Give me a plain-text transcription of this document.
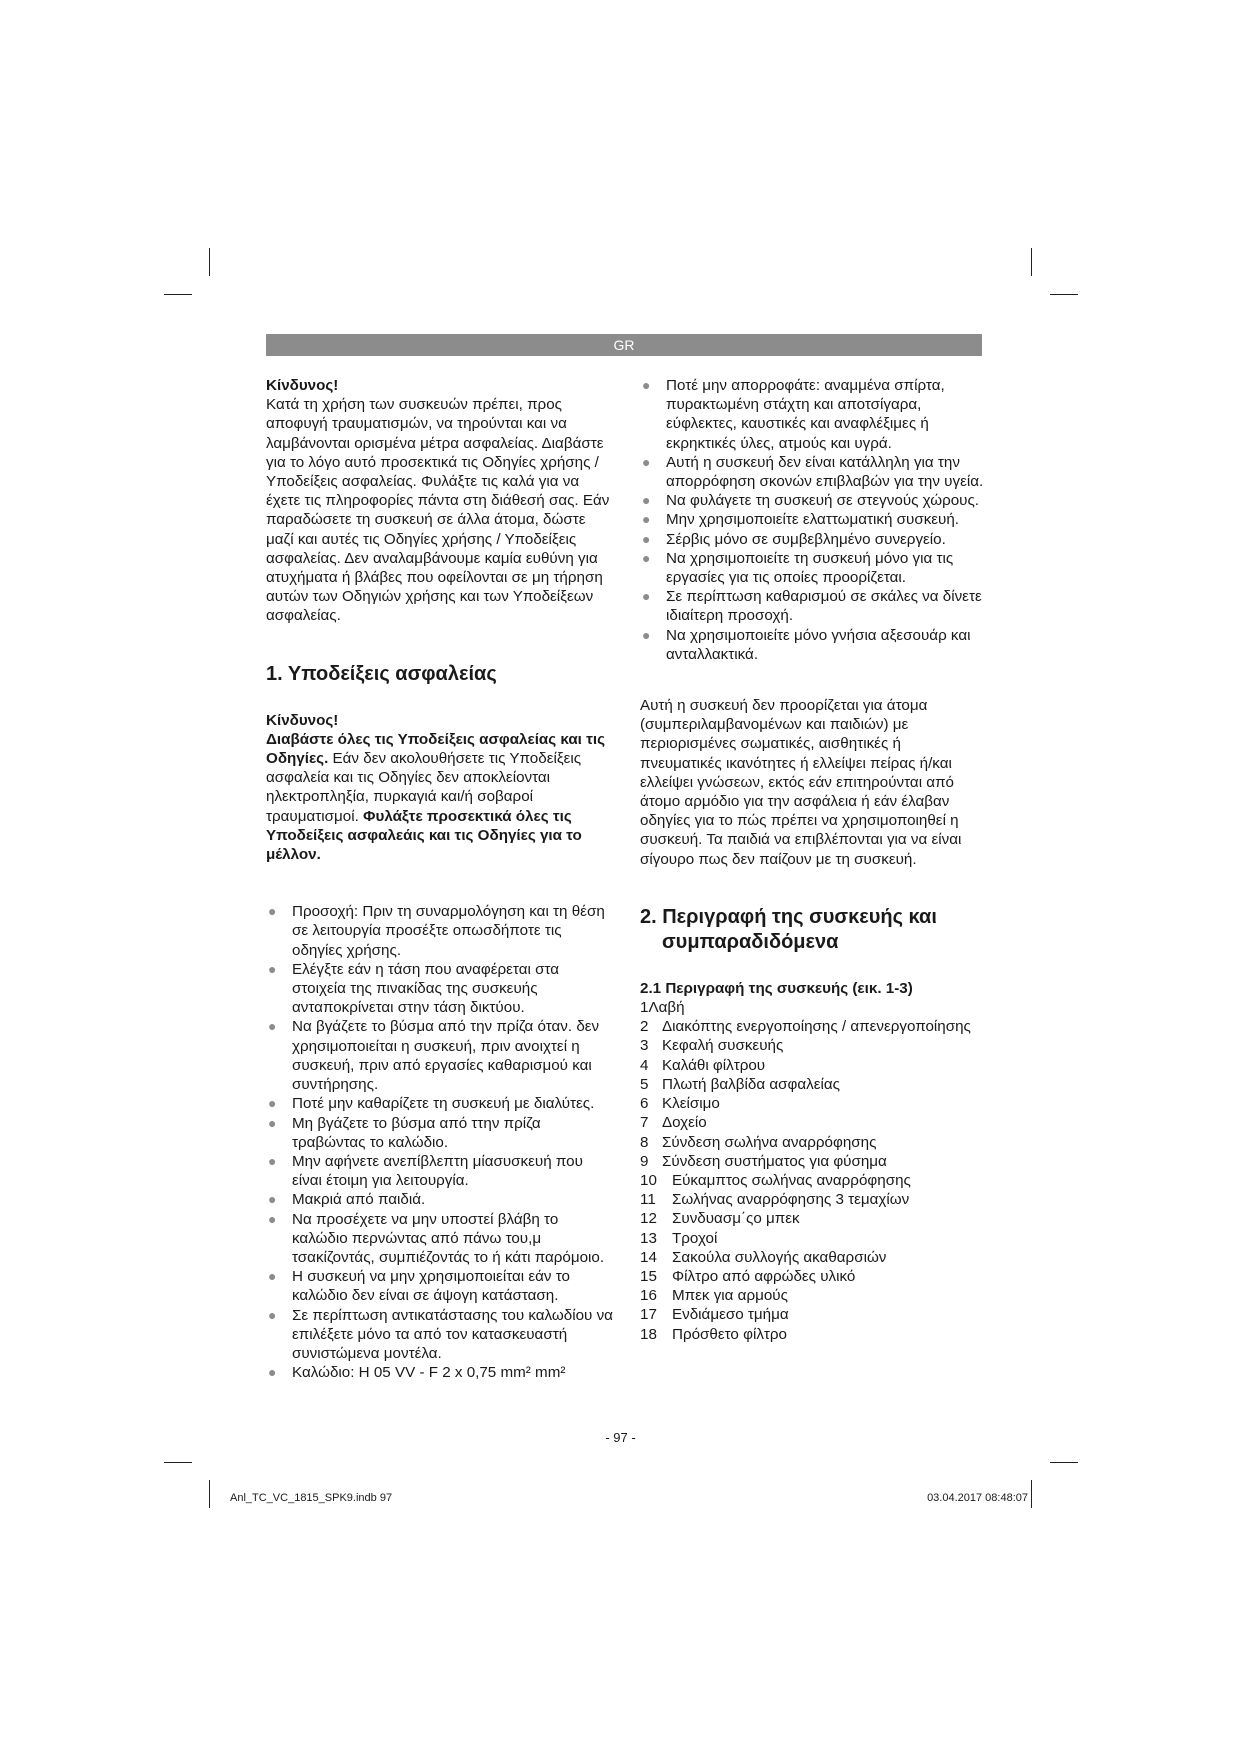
GR

Κίνδυνος!

Κατά τη χρήση των συσκευών πρέπει, προς αποφυγή τραυματισμών, να τηρούνται και να λαμβάνονται ορισμένα μέτρα ασφαλείας. Διαβάστε για το λόγο αυτό προσεκτικά τις Οδηγίες χρήσης / Υποδείξεις ασφαλείας. Φυλάξτε τις καλά για να έχετε τις πληροφορίες πάντα στη διάθεσή σας. Εάν παραδώσετε τη συσκευή σε άλλα άτομα, δώστε μαζί και αυτές τις Οδηγίες χρήσης / Υποδείξεις ασφαλείας. Δεν αναλαμβάνουμε καμία ευθύνη για ατυχήματα ή βλάβες που οφείλονται σε μη τήρηση αυτών των Οδηγιών χρήσης και των Υποδείξεων ασφαλείας.

1. Υποδείξεις ασφαλείας

Κίνδυνος!

Διαβάστε όλες τις Υποδείξεις ασφαλείας και τις Οδηγίες. Εάν δεν ακολουθήσετε τις Υποδείξεις ασφαλεία και τις Οδηγίες δεν αποκλείονται ηλεκτροπληξία, πυρκαγιά και/ή σοβαροί τραυματισμοί. Φυλάξτε προσεκτικά όλες τις Υποδείξεις ασφαλεάις και τις Οδηγίες για το μέλλον.

● Προσοχή: Πριν τη συναρμολόγηση και τη θέση σε λειτουργία προσέξτε οπωσδήποτε τις οδηγίες χρήσης.
● Ελέγξτε εάν η τάση που αναφέρεται στα στοιχεία της πινακίδας της συσκευής ανταποκρίνεται στην τάση δικτύου.
● Να βγάζετε το βύσμα από την πρίζα όταν. δεν χρησιμοποιείται η συσκευή, πριν ανοιχτεί η συσκευή, πριν από εργασίες καθαρισμού και συντήρησης.
● Ποτέ μην καθαρίζετε τη συσκευή με διαλύτες.
● Μη βγάζετε το βύσμα από ττην πρίζα τραβώντας το καλώδιο.
● Μην αφήνετε ανεπίβλεπτη μίασυσκευή που είναι έτοιμη για λειτουργία.
● Μακριά από παιδιά.
● Να προσέχετε να μην υποστεί βλάβη το καλώδιο περνώντας από πάνω του,μ τσακίζοντάς, συμπιέζοντάς το ή κάτι παρόμοιο.
● Η συσκευή να μην χρησιμοποιείται εάν το καλώδιο δεν είναι σε άψογη κατάσταση.
● Σε περίπτωση αντικατάστασης του καλωδίου να επιλέξετε μόνο τα από τον κατασκευαστή συνιστώμενα μοντέλα.
● Καλώδιο: H 05 VV - F 2 x 0,75 mm² mm²
● Ποτέ μην απορροφάτε: αναμμένα σπίρτα, πυρακτωμένη στάχτη και αποτσίγαρα, εύφλεκτες, καυστικές και αναφλέξιμες ή εκρηκτικές ύλες, ατμούς και υγρά.
● Αυτή η συσκευή δεν είναι κατάλληλη για την απορρόφηση σκονών επιβλαβών για την υγεία.
● Να φυλάγετε τη συσκευή σε στεγνούς χώρους.
● Μην χρησιμοποιείτε ελαττωματική συσκευή.
● Σέρβις μόνο σε συμβεβλημένο συνεργείο.
● Να χρησιμοποιείτε τη συσκευή μόνο για τις εργασίες για τις οποίες προορίζεται.
● Σε περίπτωση καθαρισμού σε σκάλες να δίνετε ιδιαίτερη προσοχή.
● Να χρησιμοποιείτε μόνο γνήσια αξεσουάρ και ανταλλακτικά.

Αυτή η συσκευή δεν προορίζεται για άτομα (συμπεριλαμβανομένων και παιδιών) με περιορισμένες σωματικές, αισθητικές ή πνευματικές ικανότητες ή ελλείψει πείρας ή/και ελλείψει γνώσεων, εκτός εάν επιτηρούνται από άτομο αρμόδιο για την ασφάλεια ή εάν έλαβαν οδηγίες για το πώς πρέπει να χρησιμοποιηθεί η συσκευή. Τα παιδιά να επιβλέπονται για να είναι σίγουρο πως δεν παίζουν με τη συσκευή.

2. Περιγραφή της συσκευής και συμπαραδιδόμενα

2.1 Περιγραφή της συσκευής (εικ. 1-3)

1Λαβή

2 Διακόπτης ενεργοποίησης / απενεργοποίησης
3 Κεφαλή συσκευής
4 Καλάθι φίλτρου
5 Πλωτή βαλβίδα ασφαλείας
6 Κλείσιμο
7 Δοχείο
8 Σύνδεση σωλήνα αναρρόφησης
9 Σύνδεση συστήματος για φύσημα
10 Εύκαμπτος σωλήνας αναρρόφησης
11 Σωλήνας αναρρόφησης 3 τεμαχίων
12 Συνδυασμ΄ςο μπεκ
13 Τροχοί
14 Σακούλα συλλογής ακαθαρσιών
15 Φίλτρο από αφρώδες υλικό
16 Μπεκ για αρμούς
17 Ενδιάμεσο τμήμα
18 Πρόσθετο φίλτρο
- 97 -
Anl_TC_VC_1815_SPK9.indb 97	03.04.2017 08:48:07
